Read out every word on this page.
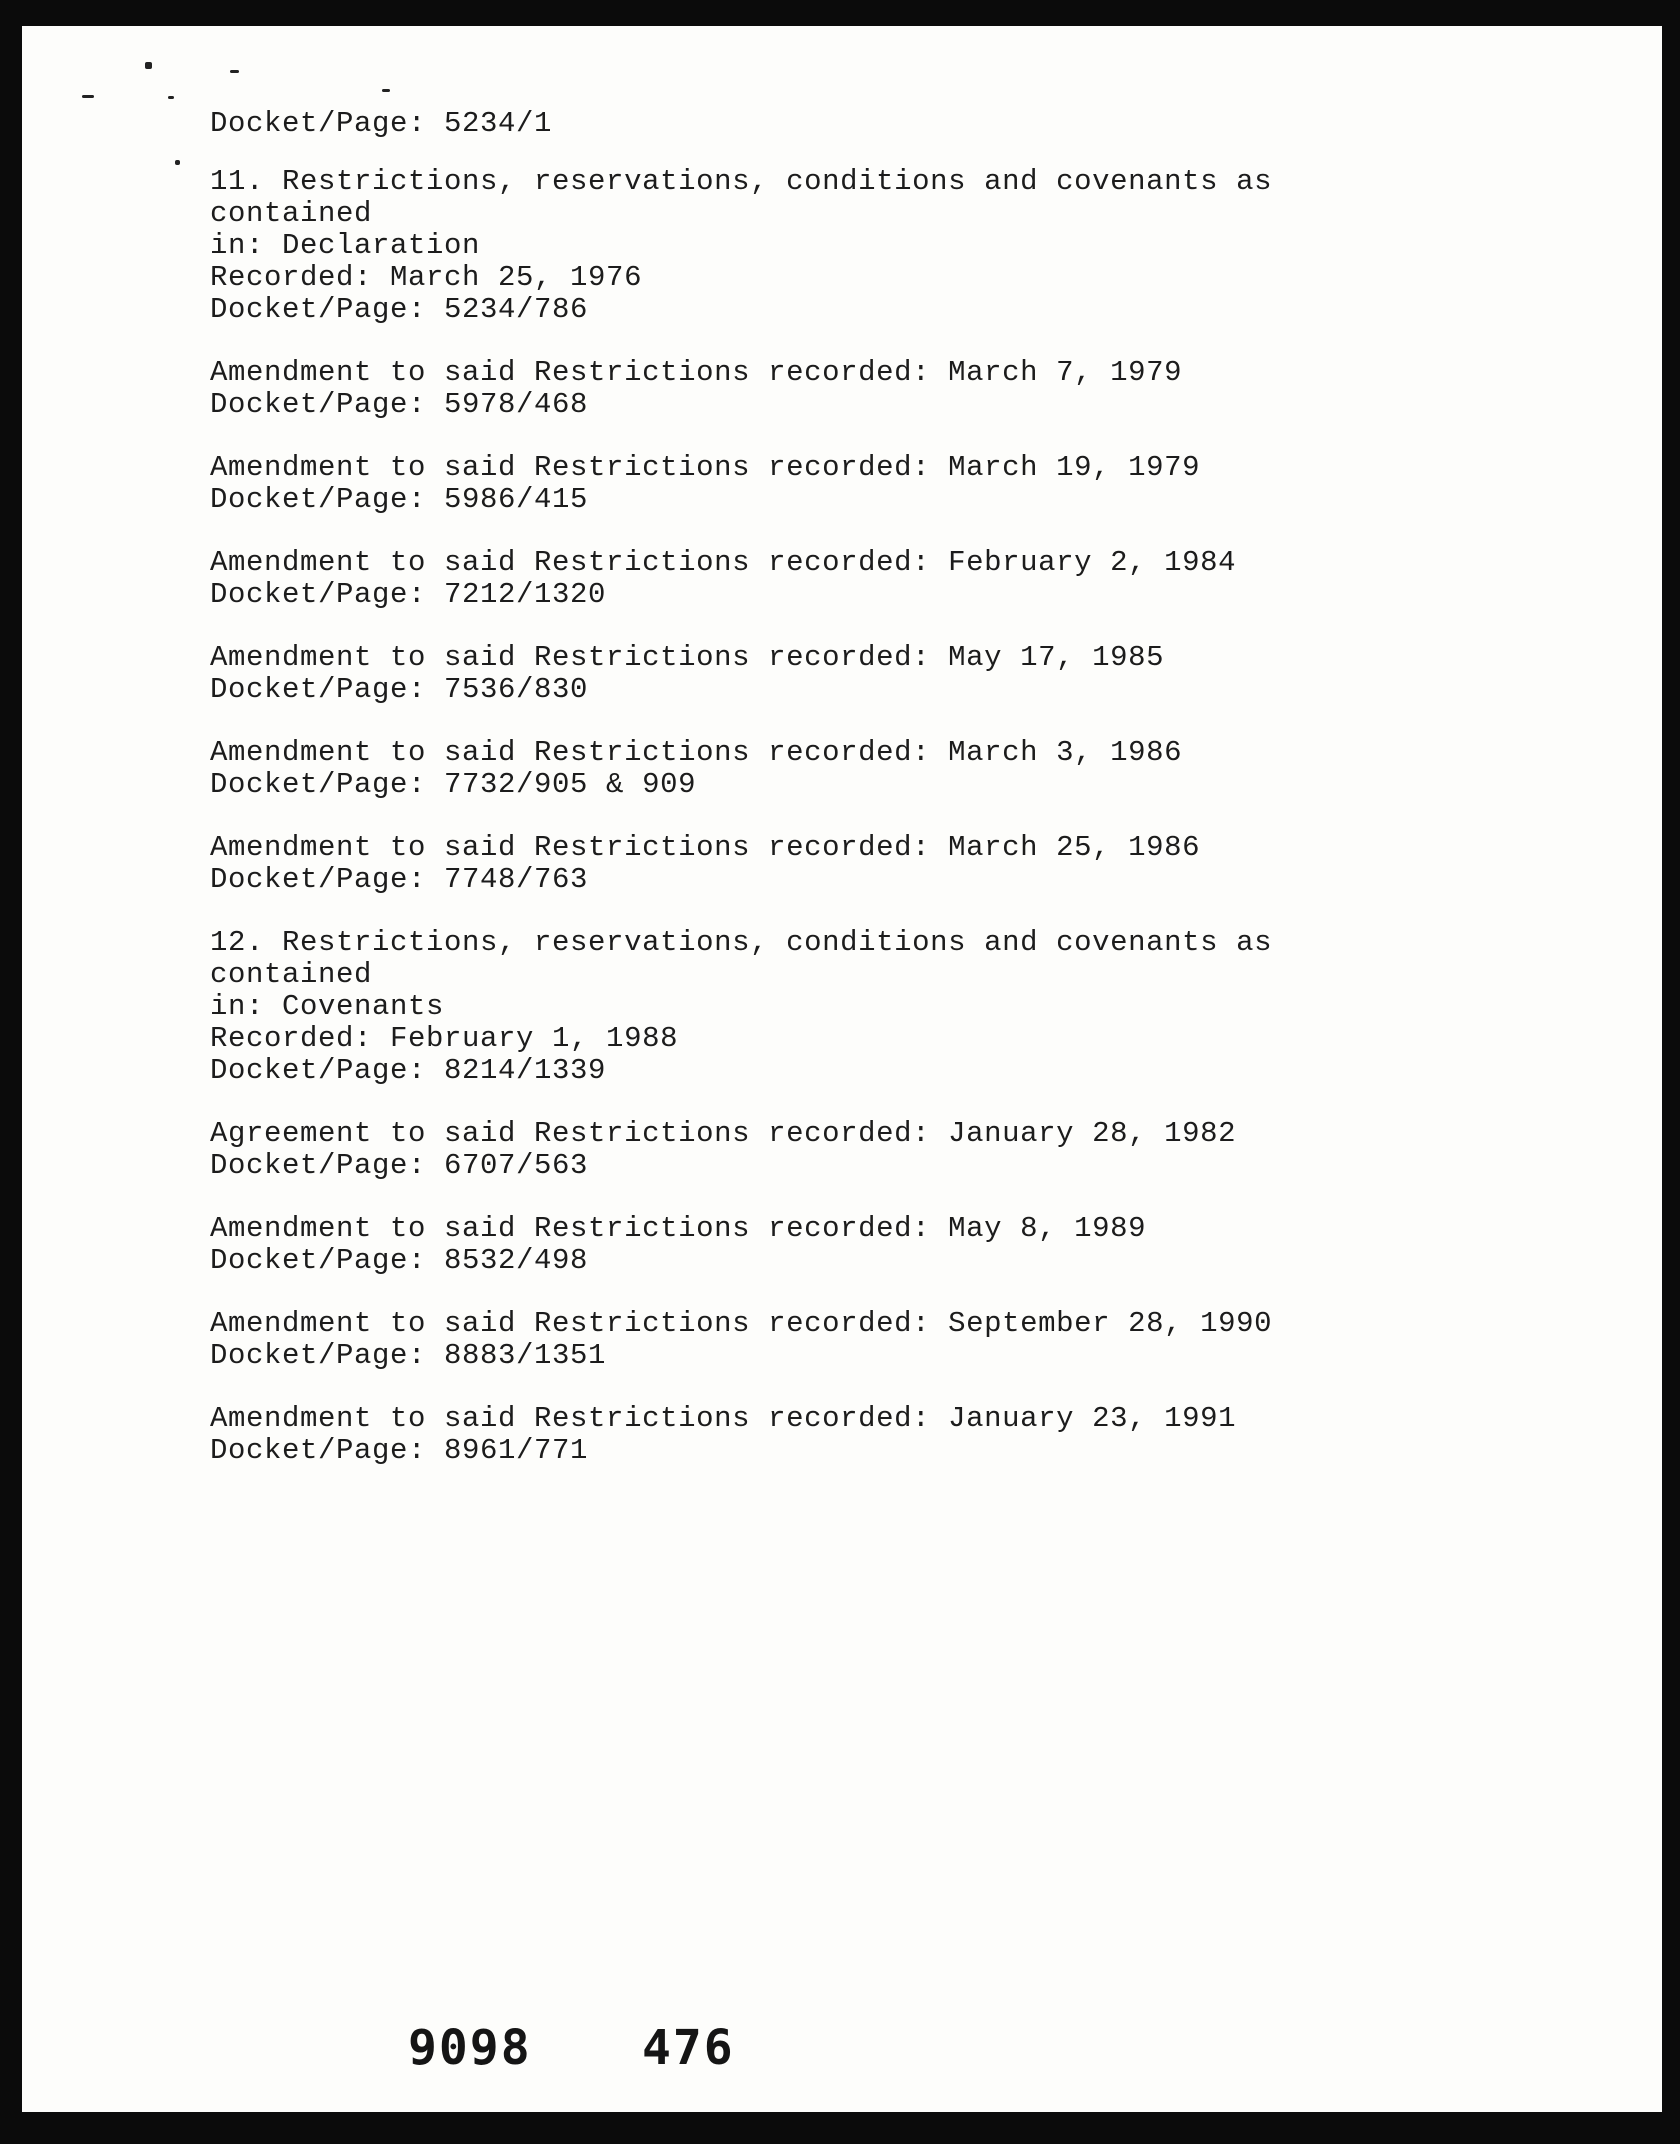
Docket/Page: 5234/1
11. Restrictions, reservations, conditions and covenants as
contained
in: Declaration
Recorded: March 25, 1976
Docket/Page: 5234/786
Amendment to said Restrictions recorded: March 7, 1979
Docket/Page: 5978/468
Amendment to said Restrictions recorded: March 19, 1979
Docket/Page: 5986/415
Amendment to said Restrictions recorded: February 2, 1984
Docket/Page: 7212/1320
Amendment to said Restrictions recorded: May 17, 1985
Docket/Page: 7536/830
Amendment to said Restrictions recorded: March 3, 1986
Docket/Page: 7732/905 & 909
Amendment to said Restrictions recorded: March 25, 1986
Docket/Page: 7748/763
12. Restrictions, reservations, conditions and covenants as
contained
in: Covenants
Recorded: February 1, 1988
Docket/Page: 8214/1339
Agreement to said Restrictions recorded: January 28, 1982
Docket/Page: 6707/563
Amendment to said Restrictions recorded: May 8, 1989
Docket/Page: 8532/498
Amendment to said Restrictions recorded: September 28, 1990
Docket/Page: 8883/1351
Amendment to said Restrictions recorded: January 23, 1991
Docket/Page: 8961/771
9098 476
